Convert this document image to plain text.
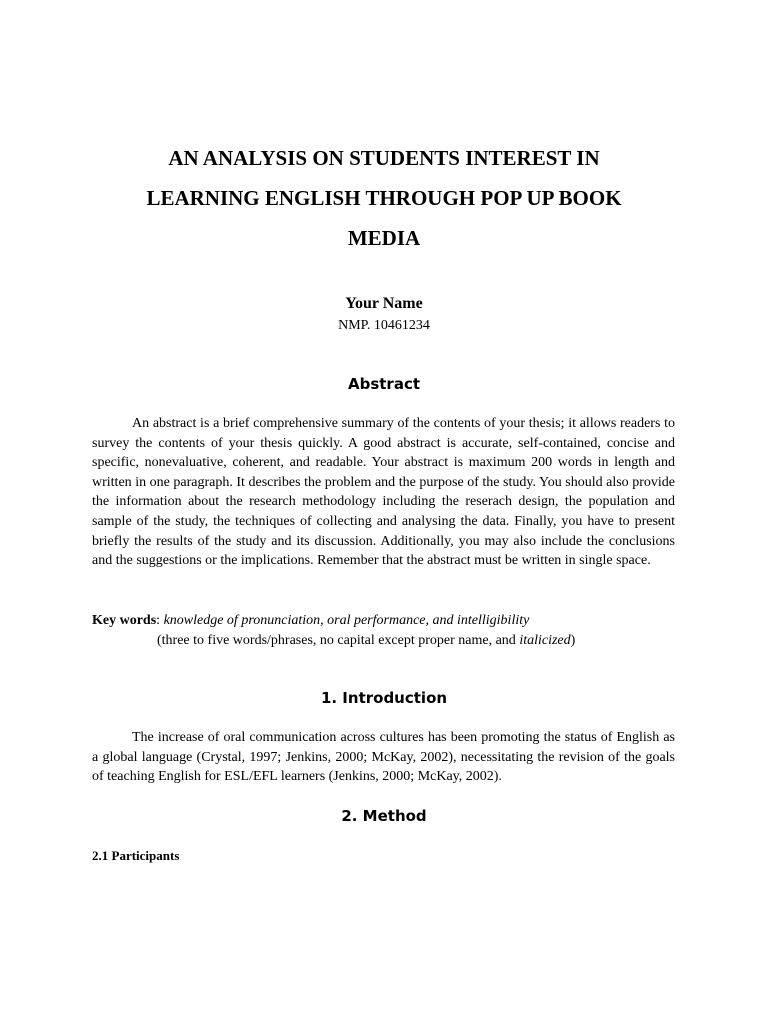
AN ANALYSIS ON STUDENTS INTEREST IN
LEARNING ENGLISH THROUGH POP UP BOOK
MEDIA
Your Name
NMP. 10461234
Abstract
An abstract is a brief comprehensive summary of the contents of your thesis; it allows readers to survey the contents of your thesis quickly. A good abstract is accurate, self-contained, concise and specific, nonevaluative, coherent, and readable. Your abstract is maximum 200 words in length and written in one paragraph. It describes the problem and the purpose of the study. You should also provide the information about the research methodology including the reserach design, the population and sample of the study, the techniques of collecting and analysing the data. Finally, you have to present briefly the results of the study and its discussion. Additionally, you may also include the conclusions and the suggestions or the implications. Remember that the abstract must be written in single space.
Key words: knowledge of pronunciation, oral performance, and intelligibility
(three to five words/phrases, no capital except proper name, and italicized)
1. Introduction
The increase of oral communication across cultures has been promoting the status of English as a global language (Crystal, 1997; Jenkins, 2000; McKay, 2002), necessitating the revision of the goals of teaching English for ESL/EFL learners (Jenkins, 2000; McKay, 2002).
2. Method
2.1 Participants
